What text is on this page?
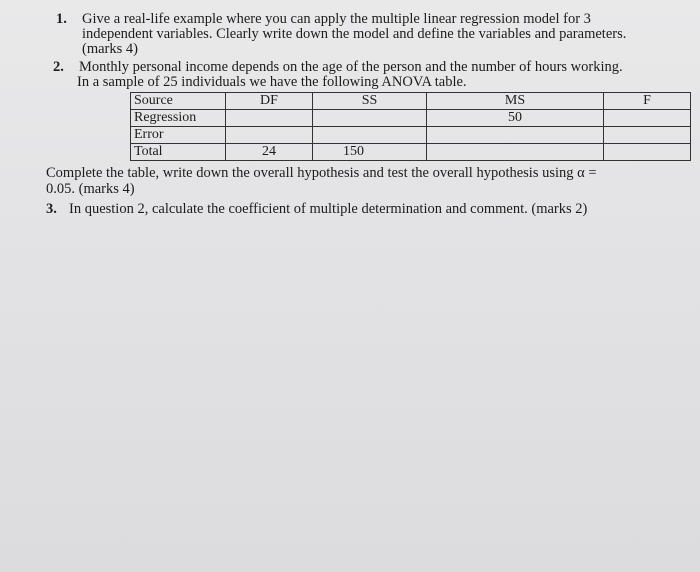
1. Give a real-life example where you can apply the multiple linear regression model for 3
independent variables. Clearly write down the model and define the variables and parameters.
(marks 4)
2. Monthly personal income depends on the age of the person and the number of hours working.
In a sample of 25 individuals we have the following ANOVA table.
Source	DF	SS	MS	F
Regression			50	
Error				
Total	24	150		
Complete the table, write down the overall hypothesis and test the overall hypothesis using α =
0.05. (marks 4)
3. In question 2, calculate the coefficient of multiple determination and comment. (marks 2)
